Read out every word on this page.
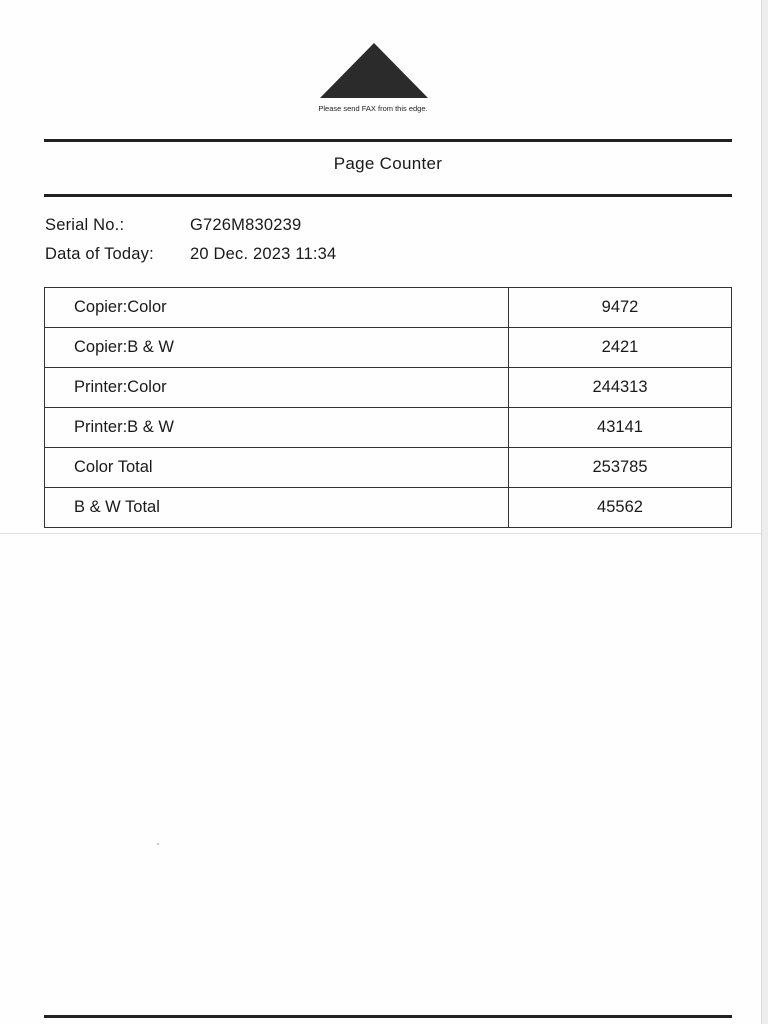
Please send FAX from this edge.
Page Counter
Serial No.:	G726M830239
Data of Today: 20 Dec. 2023 11:34
Copier:Color	9472
Copier:B & W	2421
Printer:Color	244313
Printer:B & W	43141
Color Total	253785
B & W Total	45562
